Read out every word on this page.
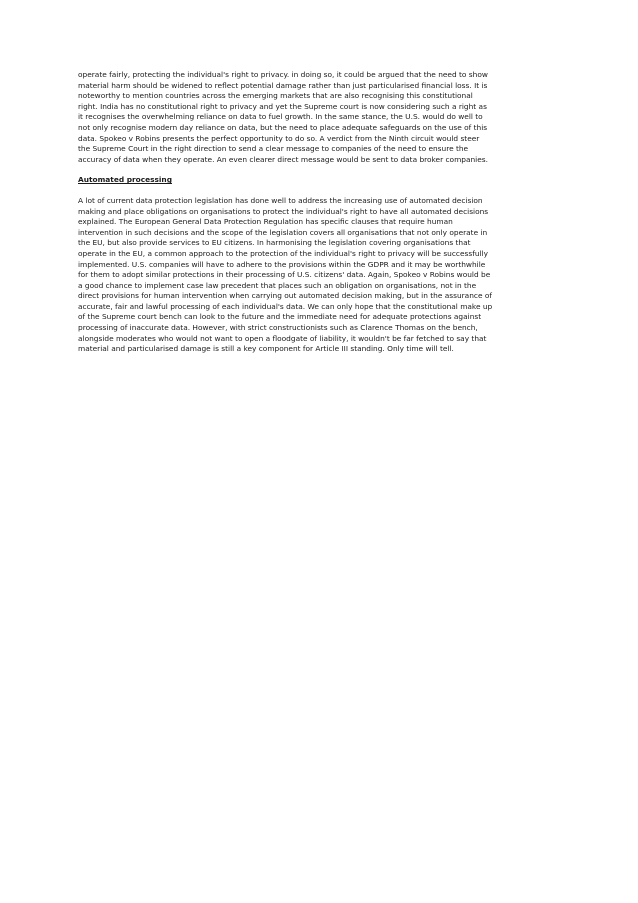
operate fairly, protecting the individual's right to privacy. in doing so, it could be argued that the need to show
material harm should be widened to reflect potential damage rather than just particularised financial loss. It is
noteworthy to mention countries across the emerging markets that are also recognising this constitutional
right. India has no constitutional right to privacy and yet the Supreme court is now considering such a right as
it recognises the overwhelming reliance on data to fuel growth. In the same stance, the U.S. would do well to
not only recognise modern day reliance on data, but the need to place adequate safeguards on the use of this
data. Spokeo v Robins presents the perfect opportunity to do so. A verdict from the Ninth circuit would steer
the Supreme Court in the right direction to send a clear message to companies of the need to ensure the
accuracy of data when they operate. An even clearer direct message would be sent to data broker companies.

Automated processing

A lot of current data protection legislation has done well to address the increasing use of automated decision
making and place obligations on organisations to protect the individual's right to have all automated decisions
explained. The European General Data Protection Regulation has specific clauses that require human
intervention in such decisions and the scope of the legislation covers all organisations that not only operate in
the EU, but also provide services to EU citizens. In harmonising the legislation covering organisations that
operate in the EU, a common approach to the protection of the individual's right to privacy will be successfully
implemented. U.S. companies will have to adhere to the provisions within the GDPR and it may be worthwhile
for them to adopt similar protections in their processing of U.S. citizens' data. Again, Spokeo v Robins would be
a good chance to implement case law precedent that places such an obligation on organisations, not in the
direct provisions for human intervention when carrying out automated decision making, but in the assurance of
accurate, fair and lawful processing of each individual's data. We can only hope that the constitutional make up
of the Supreme court bench can look to the future and the immediate need for adequate protections against
processing of inaccurate data. However, with strict constructionists such as Clarence Thomas on the bench,
alongside moderates who would not want to open a floodgate of liability, it wouldn't be far fetched to say that
material and particularised damage is still a key component for Article III standing. Only time will tell.
